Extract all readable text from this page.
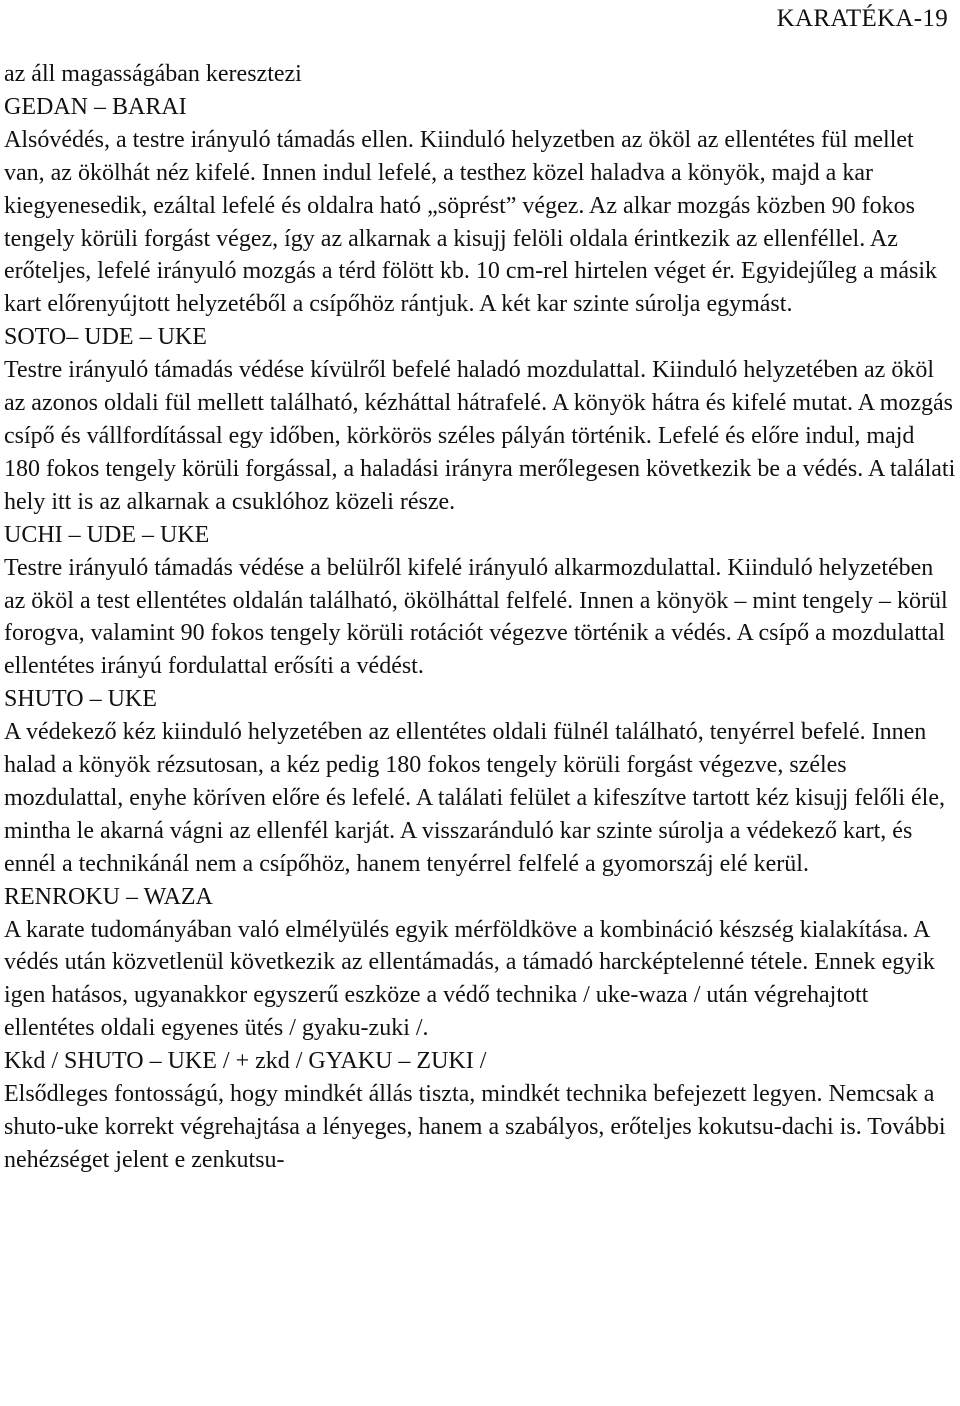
KARATÉKA-19

az áll magasságában keresztezi

GEDAN – BARAI

Alsóvédés, a testre irányuló támadás ellen. Kiinduló helyzetben az ököl az ellentétes fül mellet van, az ökölhát néz kifelé. Innen indul lefelé, a testhez közel haladva a könyök, majd a kar kiegyenesedik, ezáltal lefelé és oldalra ható „söprést” végez. Az alkar mozgás közben 90 fokos tengely körüli forgást végez, így az alkarnak a kisujj felöli oldala érintkezik az ellenféllel. Az erőteljes, lefelé irányuló mozgás a térd fölött kb. 10 cm-rel hirtelen véget ér. Egyidejűleg a másik kart előrenyújtott helyzetéből a csípőhöz rántjuk. A két kar szinte súrolja egymást.

SOTO– UDE – UKE

Testre irányuló támadás védése kívülről befelé haladó mozdulattal. Kiinduló helyzetében az ököl az azonos oldali fül mellett található, kézháttal hátrafelé. A könyök hátra és kifelé mutat. A mozgás csípő és vállfordítással egy időben, körkörös széles pályán történik. Lefelé és előre indul, majd 180 fokos tengely körüli forgással, a haladási irányra merőlegesen következik be a védés. A találati hely itt is az alkarnak a csuklóhoz közeli része.

UCHI – UDE – UKE

Testre irányuló támadás védése a belülről kifelé irányuló alkarmozdulattal. Kiinduló helyzetében az ököl a test ellentétes oldalán található, ökölháttal felfelé. Innen a könyök – mint tengely – körül forogva, valamint 90 fokos tengely körüli rotációt végezve történik a védés. A csípő a mozdulattal ellentétes irányú fordulattal erősíti a védést.

SHUTO – UKE

A védekező kéz kiinduló helyzetében az ellentétes oldali fülnél található, tenyérrel befelé. Innen halad a könyök rézsutosan, a kéz pedig 180 fokos tengely körüli forgást végezve, széles mozdulattal, enyhe köríven előre és lefelé. A találati felület a kifeszítve tartott kéz kisujj felőli éle, mintha le akarná vágni az ellenfél karját. A visszaránduló kar szinte súrolja a védekező kart, és ennél a technikánál nem a csípőhöz, hanem tenyérrel felfelé a gyomorszáj elé kerül.

RENROKU – WAZA

A karate tudományában való elmélyülés egyik mérföldköve a kombináció készség kialakítása. A védés után közvetlenül következik az ellentámadás, a támadó harcképtelenné tétele. Ennek egyik igen hatásos, ugyanakkor egyszerű eszköze a védő technika / uke-waza / után végrehajtott ellentétes oldali egyenes ütés / gyaku-zuki /.

Kkd / SHUTO – UKE / + zkd / GYAKU – ZUKI /

Elsődleges fontosságú, hogy mindkét állás tiszta, mindkét technika befejezett legyen. Nemcsak a shuto-uke korrekt végrehajtása a lényeges, hanem a szabályos, erőteljes kokutsu-dachi is. További nehézséget jelent e zenkutsu-
